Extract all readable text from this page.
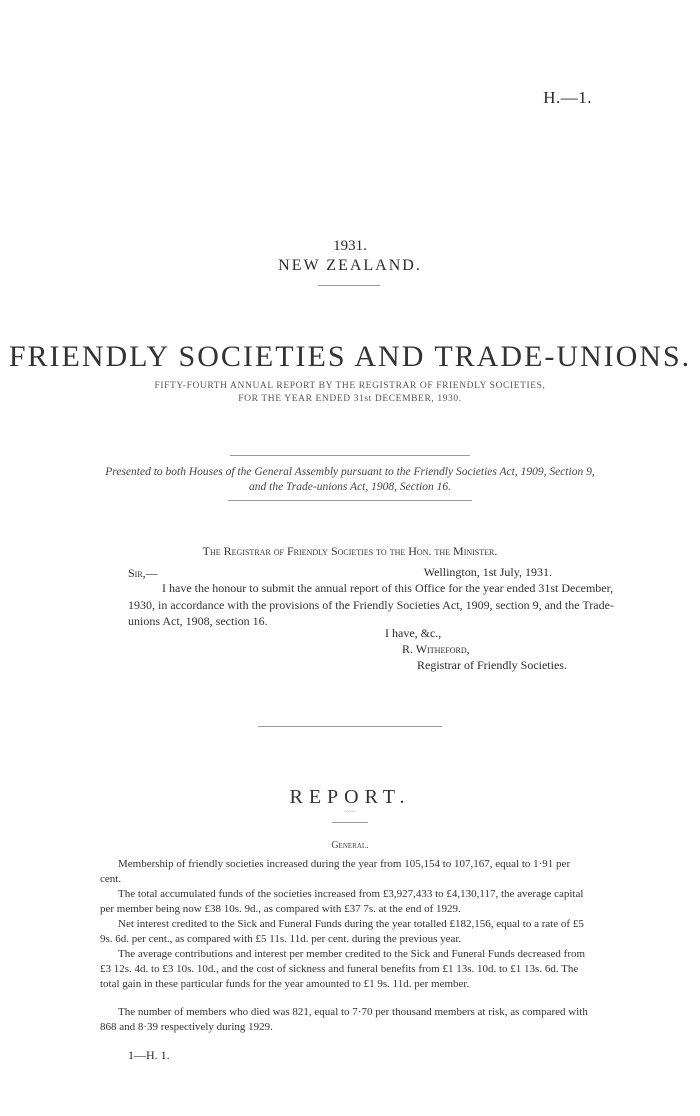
H.—1.
1931.
NEW ZEALAND.
FRIENDLY SOCIETIES AND TRADE-UNIONS.
FIFTY-FOURTH ANNUAL REPORT BY THE REGISTRAR OF FRIENDLY SOCIETIES,
FOR THE YEAR ENDED 31st DECEMBER, 1930.
Presented to both Houses of the General Assembly pursuant to the Friendly Societies Act, 1909, Section 9,
and the Trade-unions Act, 1908, Section 16.
The Registrar of Friendly Societies to the Hon. the Minister.
Sir,—	Wellington, 1st July, 1931.
I have the honour to submit the annual report of this Office for the year ended 31st December,
1930, in accordance with the provisions of the Friendly Societies Act, 1909, section 9, and the Trade-
unions Act, 1908, section 16.
I have, &c.,
R. Witheford,
Registrar of Friendly Societies.
REPORT.
~~~
General.

Membership of friendly societies increased during the year from 105,154 to 107,167, equal to 1·91 per cent.

The total accumulated funds of the societies increased from £3,927,433 to £4,130,117, the average capital per member being now £38 10s. 9d., as compared with £37 7s. at the end of 1929.

Net interest credited to the Sick and Funeral Funds during the year totalled £182,156, equal to a rate of £5 9s. 6d. per cent., as compared with £5 11s. 11d. per cent. during the previous year.

The average contributions and interest per member credited to the Sick and Funeral Funds decreased from £3 12s. 4d. to £3 10s. 10d., and the cost of sickness and funeral benefits from £1 13s. 10d. to £1 13s. 6d. The total gain in these particular funds for the year amounted to £1 9s. 11d. per member.

The number of members who died was 821, equal to 7·70 per thousand members at risk, as compared with 868 and 8·39 respectively during 1929.

1—H. 1.
